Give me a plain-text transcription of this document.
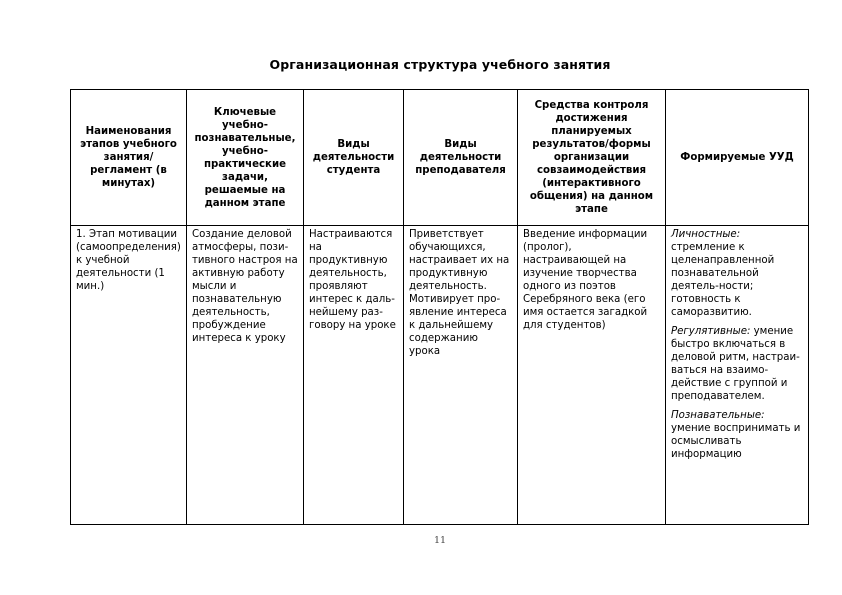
Организационная структура учебного занятия
Наименования этапов учебного занятия/ регламент (в минутах)	Ключевые учебно-познавательные, учебно-практические задачи, решаемые на данном этапе	Виды деятельности студента	Виды деятельности преподавателя	Средства контроля достижения планируемых результатов/формы организации совзаимодействия (интерактивного общения) на данном этапе	Формируемые УУД
1. Этап мотивации (самоопределения) к учебной деятельности (1 мин.)	Создание деловой атмосферы, пози-тивного настроя на активную работу мысли и познавательную деятельность, пробуждение интереса к уроку	Настраиваются на продуктивную деятельность, проявляют интерес к даль-нейшему раз-говору на уроке	Приветствует обучающихся, настраивает их на продуктивную деятельность. Мотивирует про-явление интереса к дальнейшему содержанию урока	Введение информации (пролог), настраивающей на изучение творчества одного из поэтов Серебряного века (его имя остается загадкой для студентов)	Личностные: стремление к целенаправленной познавательной деятель-ности; готовность к саморазвитию.
Регулятивные: умение быстро включаться в деловой ритм, настраи-ваться на взаимо-действие с группой и преподавателем.
Познавательные: умение воспринимать и осмысливать информацию
11
